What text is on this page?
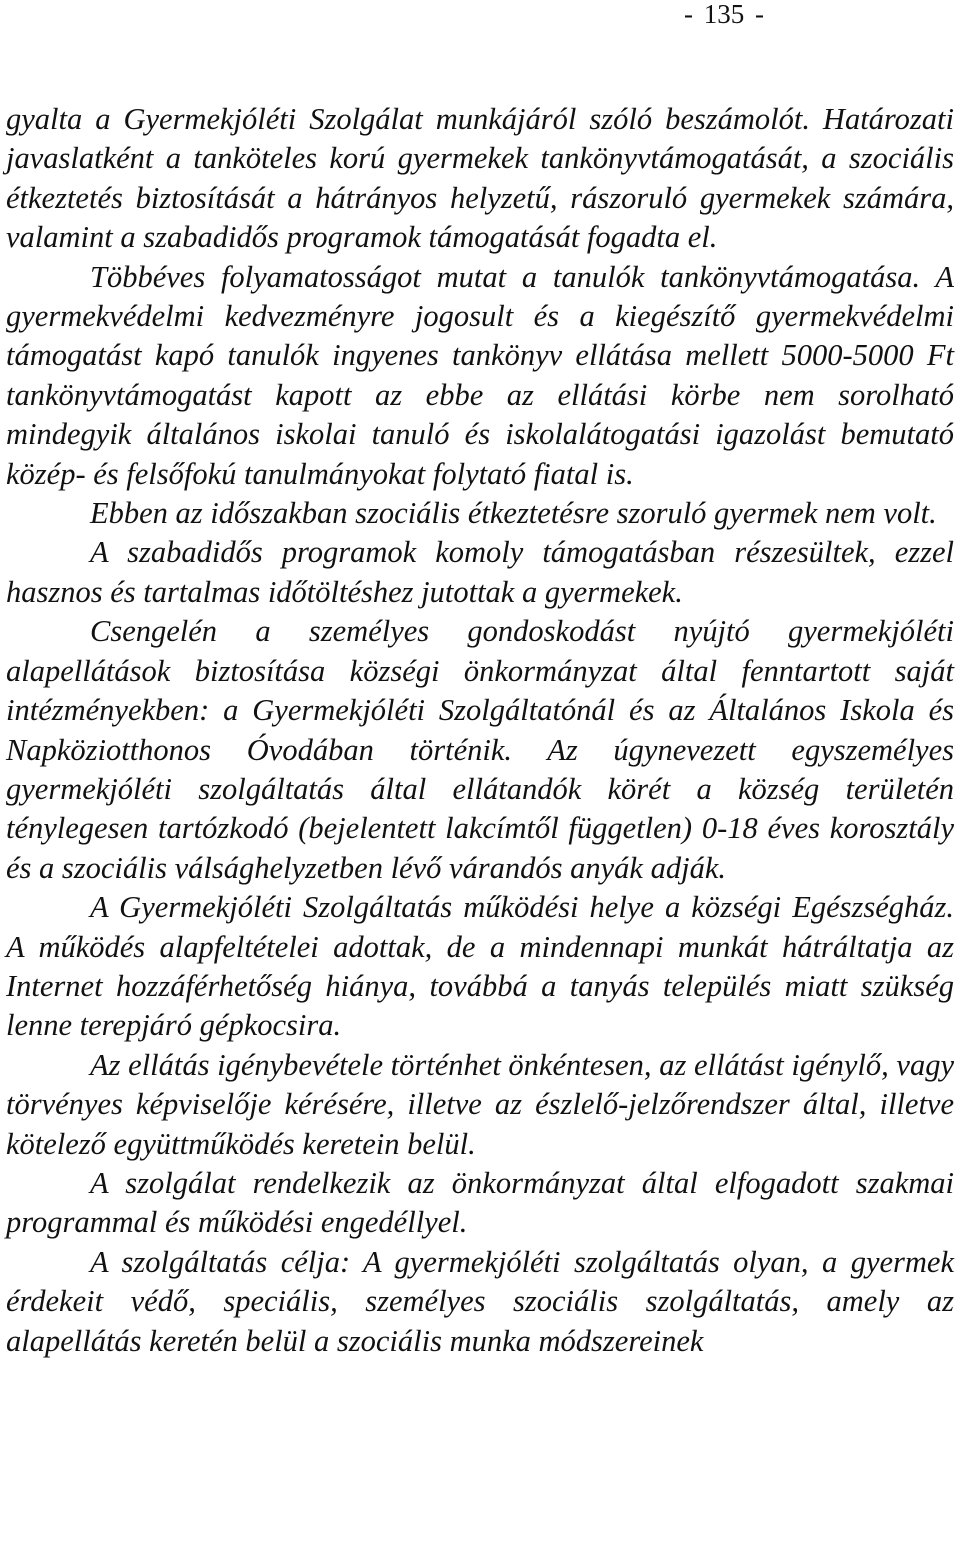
- 135 -

gyalta a Gyermekjóléti Szolgálat munkájáról szóló beszámolót. Határozati javaslatként a tanköteles korú gyermekek tankönyvtámogatását, a szociális étkeztetés biztosítását a hátrányos helyzetű, rászoruló gyermekek számára, valamint a szabadidős programok támogatását fogadta el.

Többéves folyamatosságot mutat a tanulók tankönyvtámogatása. A gyermekvédelmi kedvezményre jogosult és a kiegészítő gyermekvédelmi támogatást kapó tanulók ingyenes tankönyv ellátása mellett 5000-5000 Ft tankönyvtámogatást kapott az ebbe az ellátási körbe nem sorolható mindegyik általános iskolai tanuló és iskolalátogatási igazolást bemutató közép- és felsőfokú tanulmányokat folytató fiatal is.

Ebben az időszakban szociális étkeztetésre szoruló gyermek nem volt.

A szabadidős programok komoly támogatásban részesültek, ezzel hasznos és tartalmas időtöltéshez jutottak a gyermekek.

Csengelén a személyes gondoskodást nyújtó gyermekjóléti alapellátások biztosítása községi önkormányzat által fenntartott saját intézményekben: a Gyermekjóléti Szolgáltatónál és az Általános Iskola és Napköziotthonos Óvodában történik. Az úgynevezett egyszemélyes gyermekjóléti szolgáltatás által ellátandók körét a község területén ténylegesen tartózkodó (bejelentett lakcímtől független) 0-18 éves korosztály és a szociális válsághelyzetben lévő várandós anyák adják.

A Gyermekjóléti Szolgáltatás működési helye a községi Egészségház. A működés alapfeltételei adottak, de a mindennapi munkát hátráltatja az Internet hozzáférhetőség hiánya, továbbá a tanyás település miatt szükség lenne terepjáró gépkocsira.

Az ellátás igénybevétele történhet önkéntesen, az ellátást igénylő, vagy törvényes képviselője kérésére, illetve az észlelő-jelzőrendszer által, illetve kötelező együttműködés keretein belül.

A szolgálat rendelkezik az önkormányzat által elfogadott szakmai programmal és működési engedéllyel.

A szolgáltatás célja: A gyermekjóléti szolgáltatás olyan, a gyermek érdekeit védő, speciális, személyes szociális szolgáltatás, amely az alapellátás keretén belül a szociális munka módszereinek
